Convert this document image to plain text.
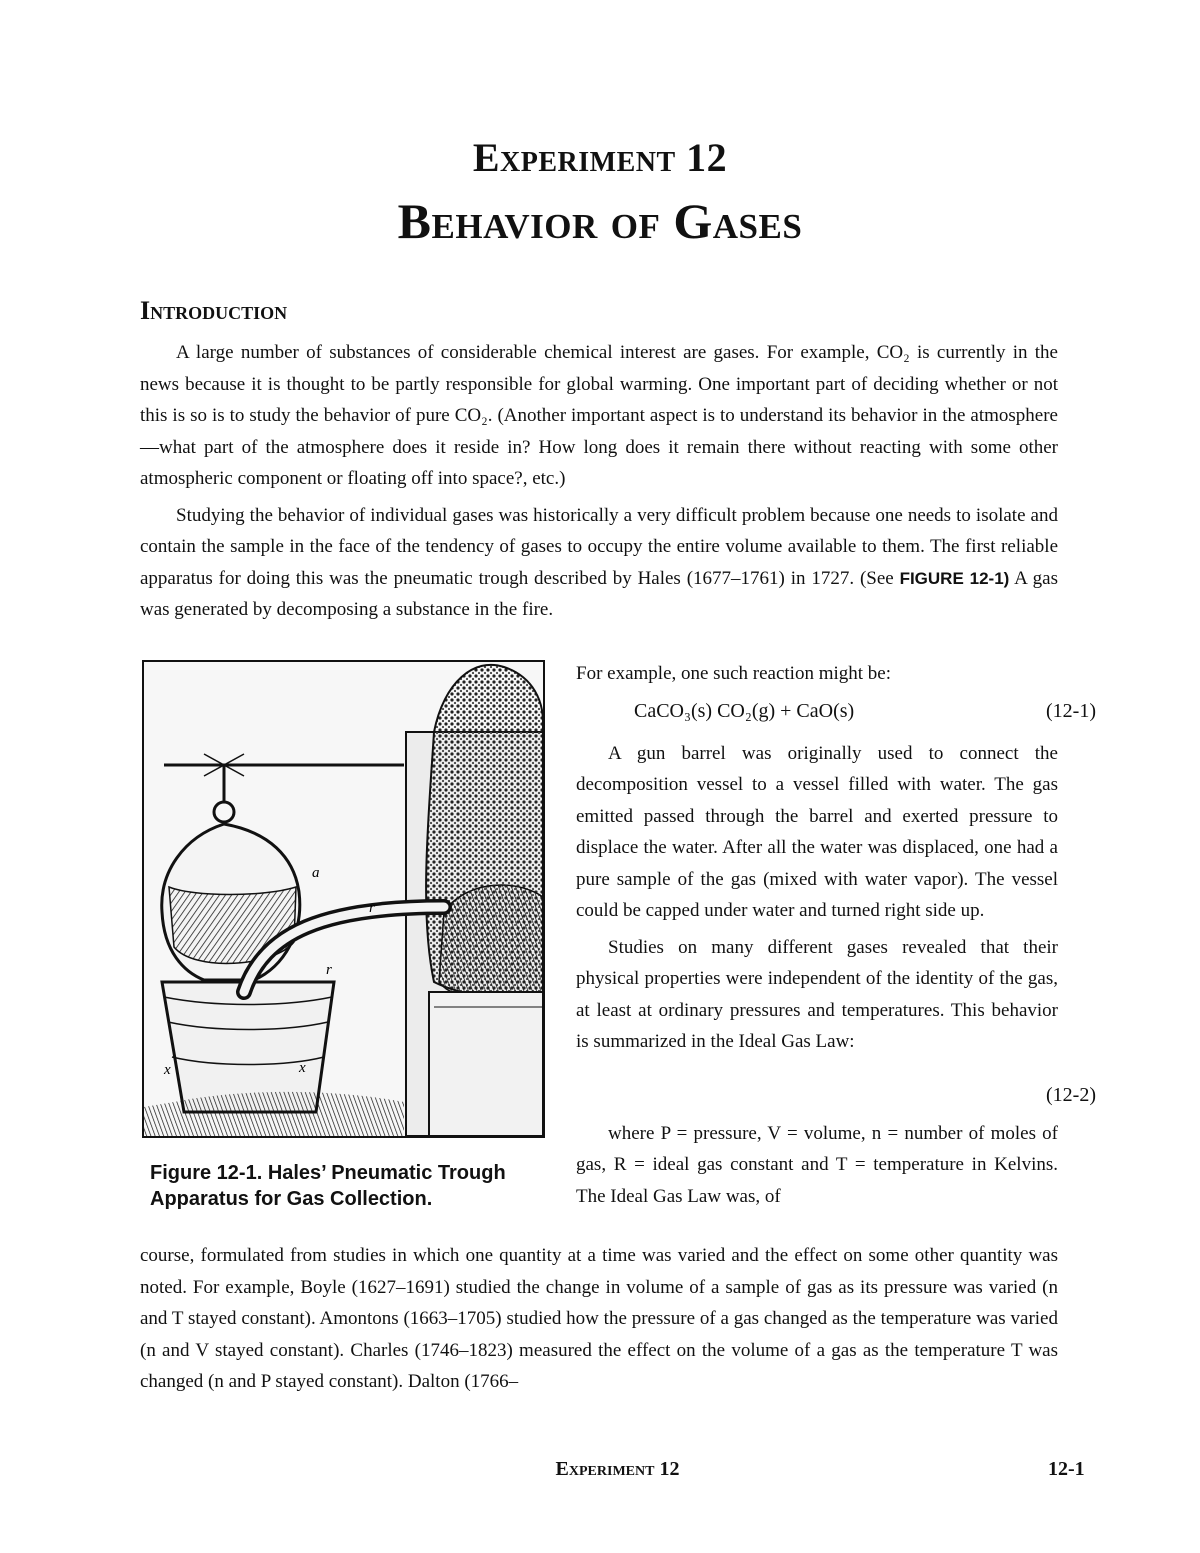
Experiment 12
Behavior of Gases
Introduction

A large number of substances of considerable chemical interest are gases. For example, CO₂ is currently in the news because it is thought to be partly responsible for global warming. One important part of deciding whether or not this is so is to study the behavior of pure CO₂. (Another important aspect is to understand its behavior in the atmosphere—what part of the atmosphere does it reside in? How long does it remain there without reacting with some other atmospheric component or floating off into space?, etc.)

Studying the behavior of individual gases was historically a very difficult problem because one needs to isolate and contain the sample in the face of the tendency of gases to occupy the entire volume available to them. The first reliable apparatus for doing this was the pneumatic trough described by Hales (1677–1761) in 1727. (See FIGURE 12-1) A gas was generated by decomposing a substance in the fire.

a
r
r
x	x
Figure 12-1. Hales’ Pneumatic Trough Apparatus for Gas Collection.

For example, one such reaction might be:

CaCO₃(s) CO₂(g) + CaO(s)	(12-1)

A gun barrel was originally used to connect the decomposition vessel to a vessel filled with water. The gas emitted passed through the barrel and exerted pressure to displace the water. After all the water was displaced, one had a pure sample of the gas (mixed with water vapor). The vessel could be capped under water and turned right side up.

Studies on many different gases revealed that their physical properties were independent of the identity of the gas, at least at ordinary pressures and temperatures. This behavior is summarized in the Ideal Gas Law:

(12-2)

where P = pressure, V = volume, n = number of moles of gas, R = ideal gas constant and T = temperature in Kelvins. The Ideal Gas Law was, of

course, formulated from studies in which one quantity at a time was varied and the effect on some other quantity was noted. For example, Boyle (1627–1691) studied the change in volume of a sample of gas as its pressure was varied (n and T stayed constant). Amontons (1663–1705) studied how the pressure of a gas changed as the temperature was varied (n and V stayed constant). Charles (1746–1823) measured the effect on the volume of a gas as the temperature T was changed (n and P stayed constant). Dalton (1766–

Experiment 12	12-1
